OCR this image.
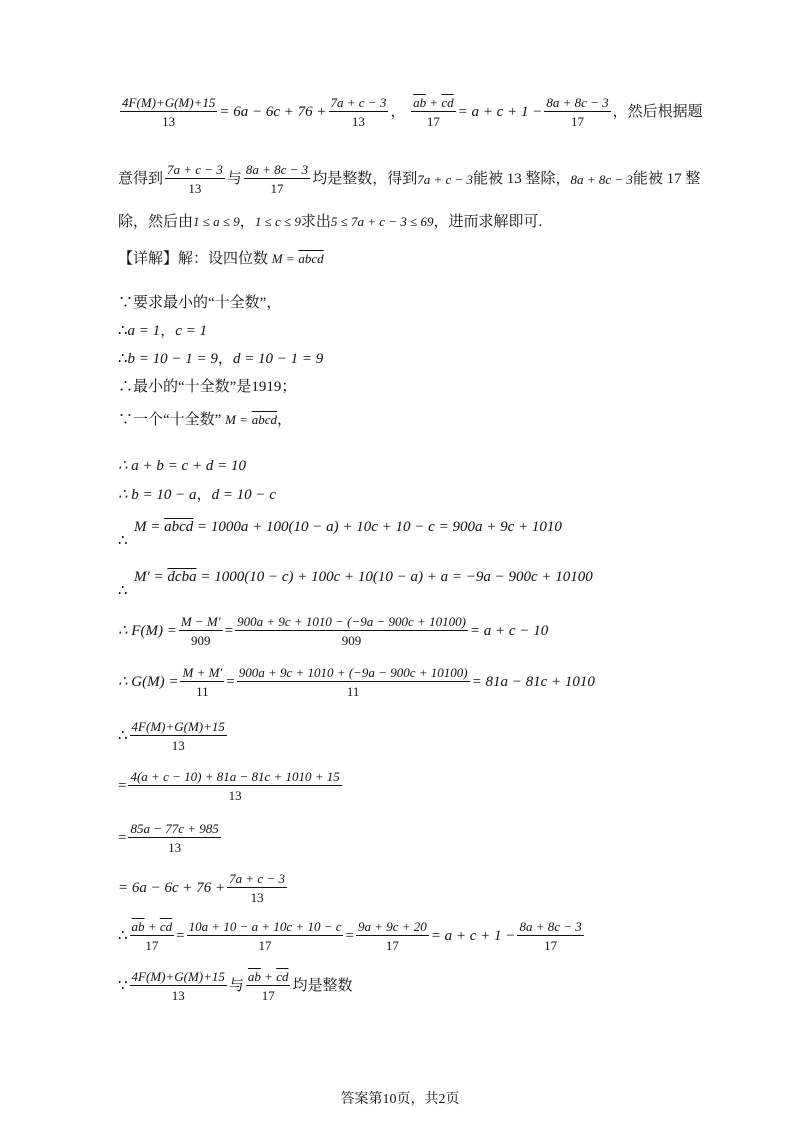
$\frac{4F(M)+G(M)+15}{13} = 6a - 6c + 76 + \frac{7a + c - 3}{13}$ ，
$\frac{\overline{ab} + \overline{cd}}{17} = a + c + 1 - \frac{8a + 8c - 3}{17}$ ，然后根据题
意得到 $\frac{7a + c - 3}{13}$ 与 $\frac{8a + 8c - 3}{17}$ 均是整数，得到 7a + c − 3 能被 13 整除， 8a + 8c − 3 能被 17 整
除，然后由1 ≤ a ≤ 9，1 ≤ c ≤ 9求出5 ≤ 7a + c − 3 ≤ 69，进而求解即可.
【详解】解：设四位数 M = abcd
∵要求最小的“十全数”，
∴a = 1，c = 1
∴b = 10 − 1 = 9，d = 10 − 1 = 9
∴最小的“十全数”是1919；
∵一个“十全数” M = abcd，
∴ a + b = c + d = 10
∴ b = 10 − a，d = 10 − c
M = abcd = 1000a + 100(10 − a) + 10c + 10 − c = 900a + 9c + 1010
∴
M′ = dcba = 1000(10 − c) + 100c + 10(10 − a) + a = −9a − 900c + 10100
∴
∴ $F(M) = \frac{M - M'}{909} = \frac{900a + 9c + 1010 - (-9a - 900c + 10100)}{909} = a + c - 10$
∴ $G(M) = \frac{M + M'}{11} = \frac{900a + 9c + 1010 + (-9a - 900c + 10100)}{11} = 81a - 81c + 1010$
∴ $\frac{4F(M)+G(M)+15}{13}$
= $\frac{4(a + c - 10) + 81a - 81c + 1010 + 15}{13}$
= $\frac{85a - 77c + 985}{13}$
= $6a - 6c + 76 + \frac{7a + c - 3}{13}$
∴ $\frac{\overline{ab} + \overline{cd}}{17} = \frac{10a + 10 - a + 10c + 10 - c}{17} = \frac{9a + 9c + 20}{17} = a + c + 1 - \frac{8a + 8c - 3}{17}$
∵ $\frac{4F(M)+G(M)+15}{13}$ 与 $\frac{\overline{ab} + \overline{cd}}{17}$ 均是整数
答案第10页，共2页
